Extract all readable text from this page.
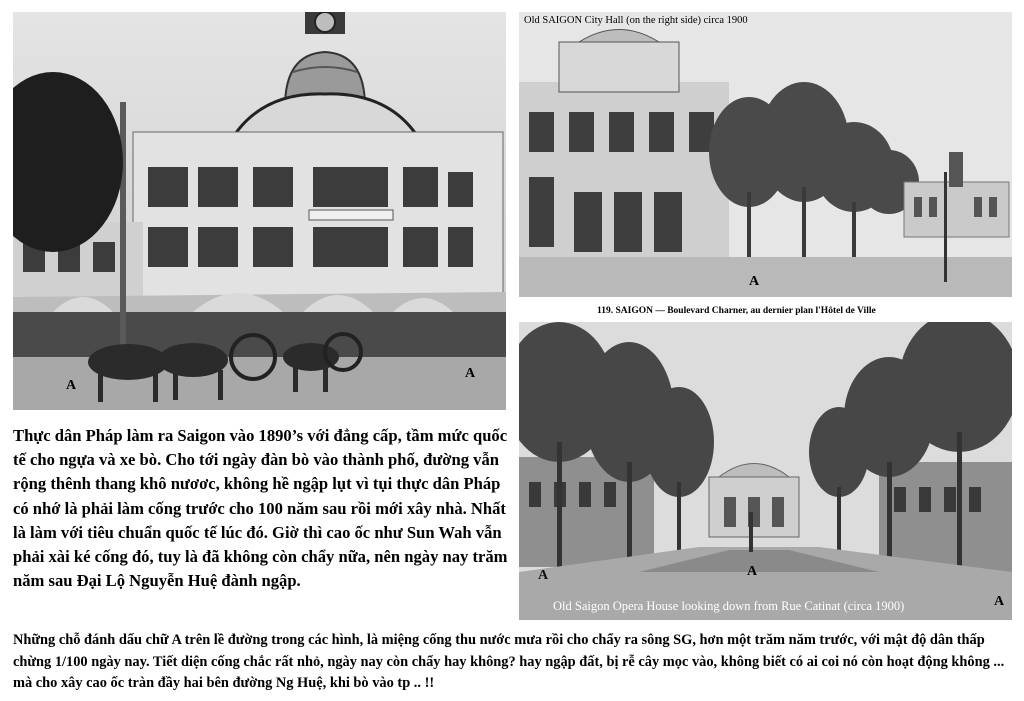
A
A
Old SAIGON City Hall (on the right side) circa 1900
119. SAIGON — Boulevard Charner, au dernier plan l'Hôtel de Ville
A
Old Saigon Opera House looking down from Rue Catinat (circa 1900)
A	A
A
Thực dân Pháp làm ra Saigon vào 1890’s với đẳng cấp, tầm mức quốc tế cho ngựa và xe bò. Cho tới ngày đàn bò vào thành phố, đường vẫn rộng thênh thang khô nươơc, không hề ngập lụt vì tụi thực dân Pháp có nhớ là phải làm cống trước cho 100 năm sau rồi mới xây nhà. Nhất là làm với tiêu chuẩn quốc tế lúc đó. Giờ thì cao ốc như Sun Wah vẫn phải xài ké cống đó, tuy là đã không còn chẩy nữa, nên ngày nay trăm năm sau Đại Lộ Nguyễn Huệ đành ngập.
Những chỗ đánh dấu chữ A trên lề đường trong các hình, là miệng cống thu nước mưa rồi cho chẩy ra sông SG, hơn một trăm năm trước, với mật độ dân thấp chừng 1/100 ngày nay. Tiết diện cống chắc rất nhỏ, ngày nay còn chẩy hay không? hay ngập đất, bị rễ cây mọc vào, không biết có ai coi nó còn hoạt động không ... mà cho xây cao ốc tràn đầy hai bên đường Ng Huệ, khi bò vào tp .. !!
